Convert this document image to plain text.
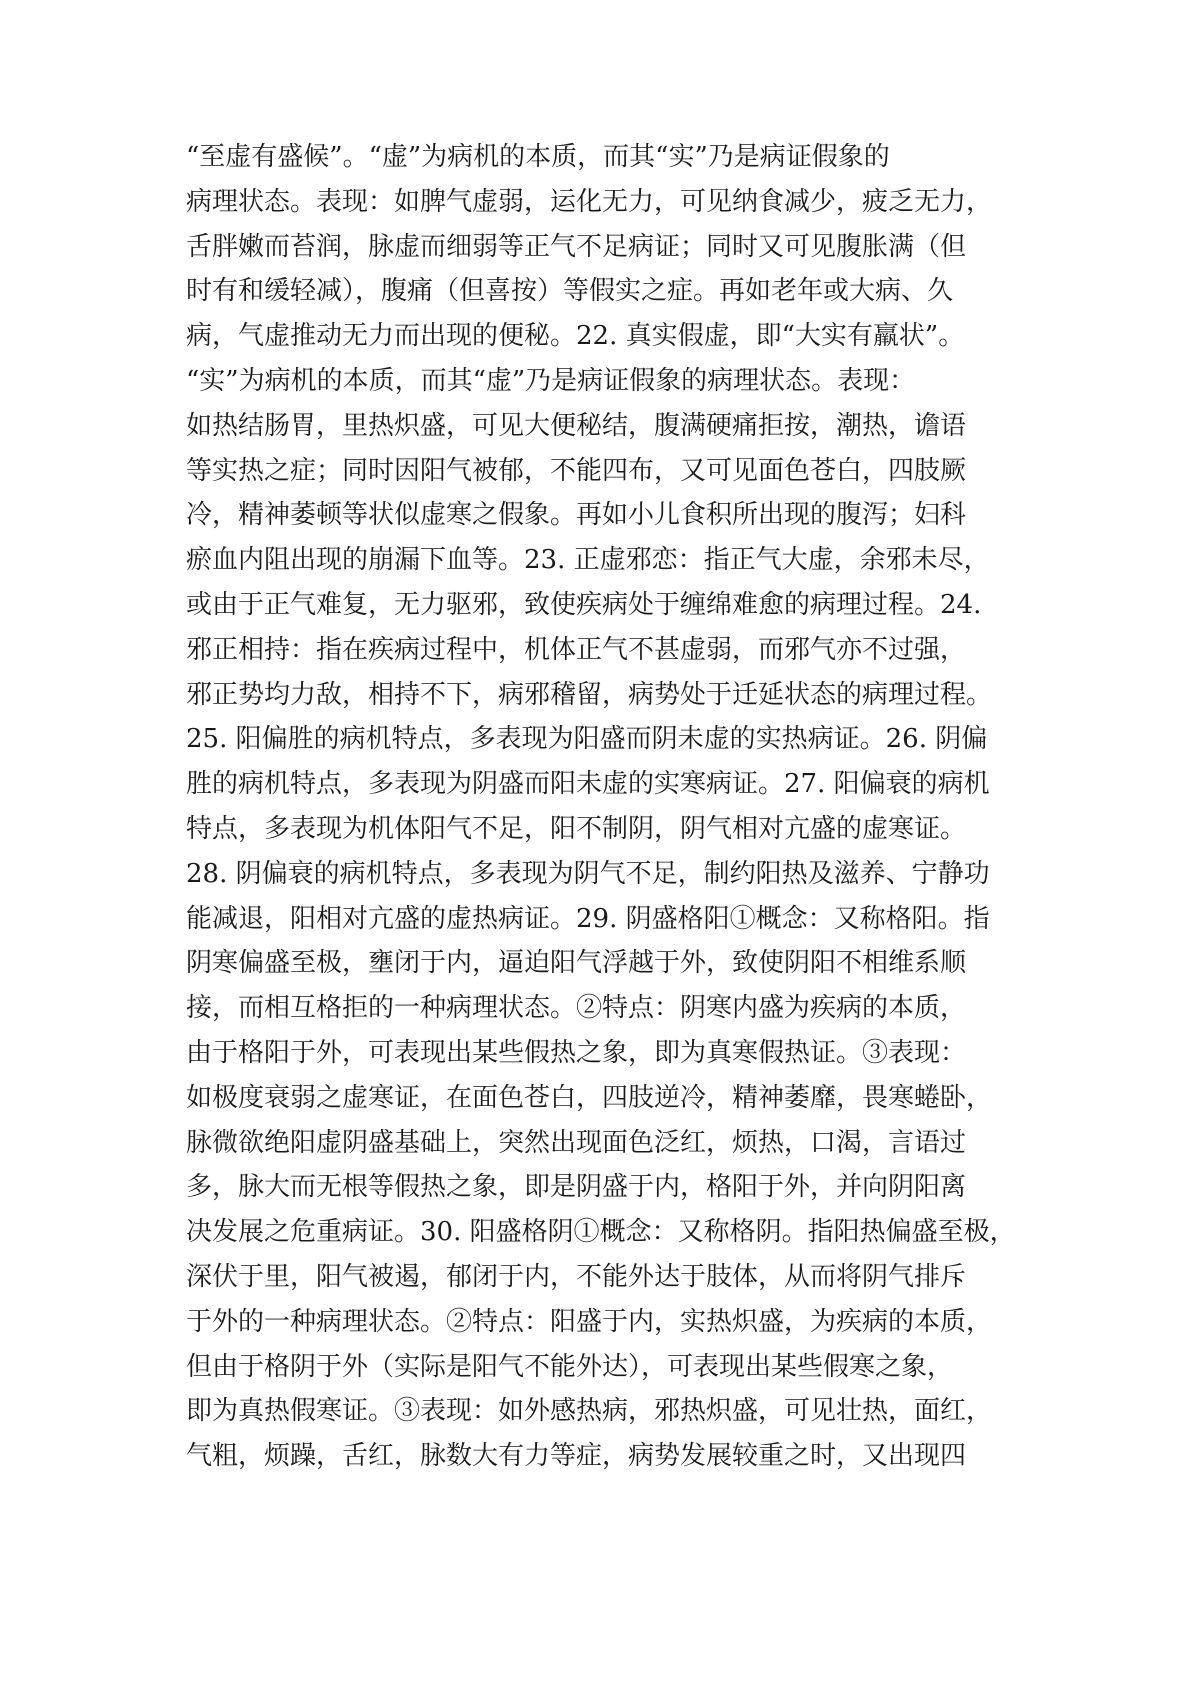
“至虚有盛候”。“虚”为病机的本质，而其“实”乃是病证假象的
病理状态。表现：如脾气虚弱，运化无力，可见纳食减少，疲乏无力，
舌胖嫩而苔润，脉虚而细弱等正气不足病证；同时又可见腹胀满（但
时有和缓轻减），腹痛（但喜按）等假实之症。再如老年或大病、久
病，气虚推动无力而出现的便秘。22. 真实假虚，即“大实有羸状”。
“实”为病机的本质，而其“虚”乃是病证假象的病理状态。表现：
如热结肠胃，里热炽盛，可见大便秘结，腹满硬痛拒按，潮热，谵语
等实热之症；同时因阳气被郁，不能四布，又可见面色苍白，四肢厥
冷，精神萎顿等状似虚寒之假象。再如小儿食积所出现的腹泻；妇科
瘀血内阻出现的崩漏下血等。23. 正虚邪恋：指正气大虚，余邪未尽，
或由于正气难复，无力驱邪，致使疾病处于缠绵难愈的病理过程。24.
邪正相持：指在疾病过程中，机体正气不甚虚弱，而邪气亦不过强，
邪正势均力敌，相持不下，病邪稽留，病势处于迁延状态的病理过程。
25. 阳偏胜的病机特点，多表现为阳盛而阴未虚的实热病证。26. 阴偏
胜的病机特点，多表现为阴盛而阳未虚的实寒病证。27. 阳偏衰的病机
特点，多表现为机体阳气不足，阳不制阴，阴气相对亢盛的虚寒证。
28. 阴偏衰的病机特点，多表现为阴气不足，制约阳热及滋养、宁静功
能减退，阳相对亢盛的虚热病证。29. 阴盛格阳①概念：又称格阳。指
阴寒偏盛至极，壅闭于内，逼迫阳气浮越于外，致使阴阳不相维系顺
接，而相互格拒的一种病理状态。②特点：阴寒内盛为疾病的本质，
由于格阳于外，可表现出某些假热之象，即为真寒假热证。③表现：
如极度衰弱之虚寒证，在面色苍白，四肢逆冷，精神萎靡，畏寒蜷卧，
脉微欲绝阳虚阴盛基础上，突然出现面色泛红，烦热，口渴，言语过
多，脉大而无根等假热之象，即是阴盛于内，格阳于外，并向阴阳离
决发展之危重病证。30. 阳盛格阴①概念：又称格阴。指阳热偏盛至极，
深伏于里，阳气被遏，郁闭于内，不能外达于肢体，从而将阴气排斥
于外的一种病理状态。②特点：阳盛于内，实热炽盛，为疾病的本质，
但由于格阴于外（实际是阳气不能外达），可表现出某些假寒之象，
即为真热假寒证。③表现：如外感热病，邪热炽盛，可见壮热，面红，
气粗，烦躁，舌红，脉数大有力等症，病势发展较重之时，又出现四
